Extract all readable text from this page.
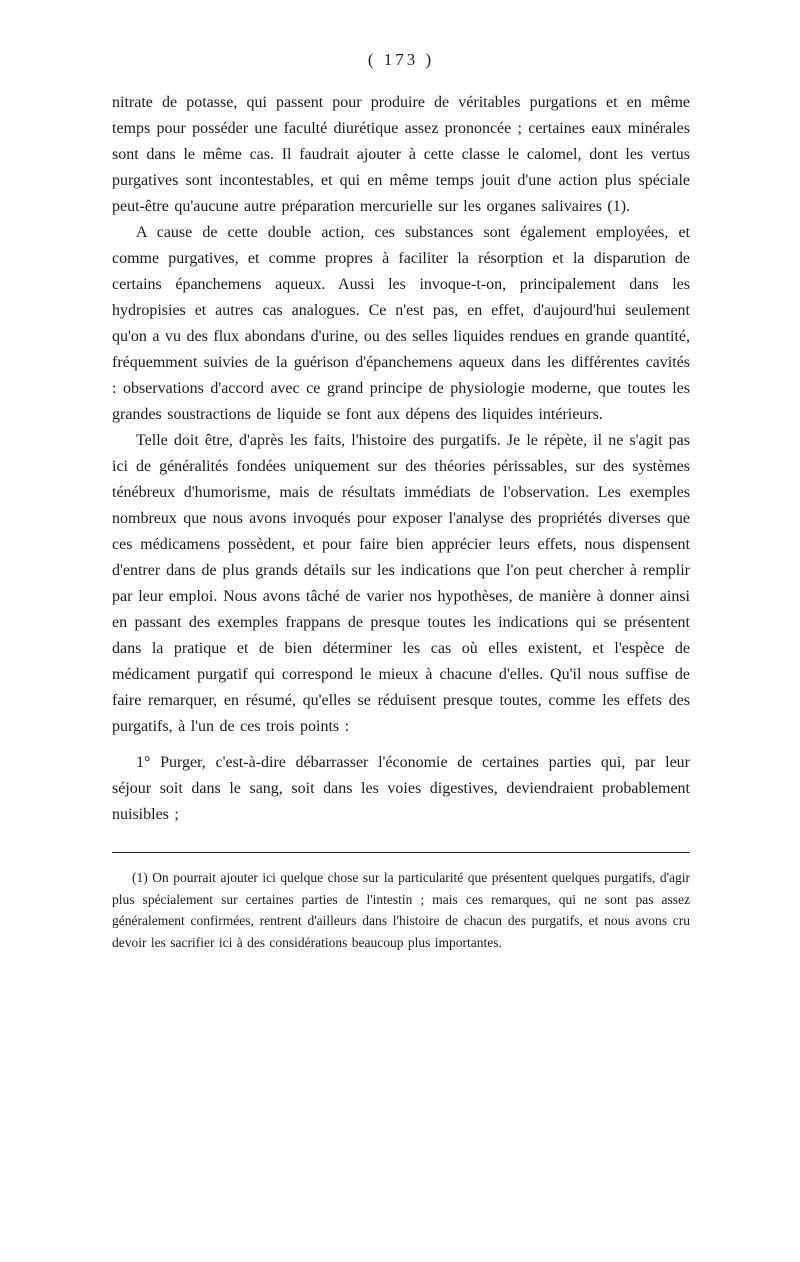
( 173 )

nitrate de potasse, qui passent pour produire de véritables purgations et en même temps pour posséder une faculté diurétique assez prononcée ; certaines eaux minérales sont dans le même cas. Il faudrait ajouter à cette classe le calomel, dont les vertus purgatives sont incontestables, et qui en même temps jouit d'une action plus spéciale peut-être qu'aucune autre préparation mercurielle sur les organes salivaires (1).

A cause de cette double action, ces substances sont également employées, et comme purgatives, et comme propres à faciliter la résorption et la disparution de certains épanchemens aqueux. Aussi les invoque-t-on, principalement dans les hydropisies et autres cas analogues. Ce n'est pas, en effet, d'aujourd'hui seulement qu'on a vu des flux abondans d'urine, ou des selles liquides rendues en grande quantité, fréquemment suivies de la guérison d'épanchemens aqueux dans les différentes cavités : observations d'accord avec ce grand principe de physiologie moderne, que toutes les grandes soustractions de liquide se font aux dépens des liquides intérieurs.

Telle doit être, d'après les faits, l'histoire des purgatifs. Je le répète, il ne s'agit pas ici de généralités fondées uniquement sur des théories périssables, sur des systèmes ténébreux d'humorisme, mais de résultats immédiats de l'observation. Les exemples nombreux que nous avons invoqués pour exposer l'analyse des propriétés diverses que ces médicamens possèdent, et pour faire bien apprécier leurs effets, nous dispensent d'entrer dans de plus grands détails sur les indications que l'on peut chercher à remplir par leur emploi. Nous avons tâché de varier nos hypothèses, de manière à donner ainsi en passant des exemples frappans de presque toutes les indications qui se présentent dans la pratique et de bien déterminer les cas où elles existent, et l'espèce de médicament purgatif qui correspond le mieux à chacune d'elles. Qu'il nous suffise de faire remarquer, en résumé, qu'elles se réduisent presque toutes, comme les effets des purgatifs, à l'un de ces trois points :

1° Purger, c'est-à-dire débarrasser l'économie de certaines parties qui, par leur séjour soit dans le sang, soit dans les voies digestives, deviendraient probablement nuisibles ;

(1) On pourrait ajouter ici quelque chose sur la particularité que présentent quelques purgatifs, d'agir plus spécialement sur certaines parties de l'intestin ; mais ces remarques, qui ne sont pas assez généralement confirmées, rentrent d'ailleurs dans l'histoire de chacun des purgatifs, et nous avons cru devoir les sacrifier ici à des considérations beaucoup plus importantes.
